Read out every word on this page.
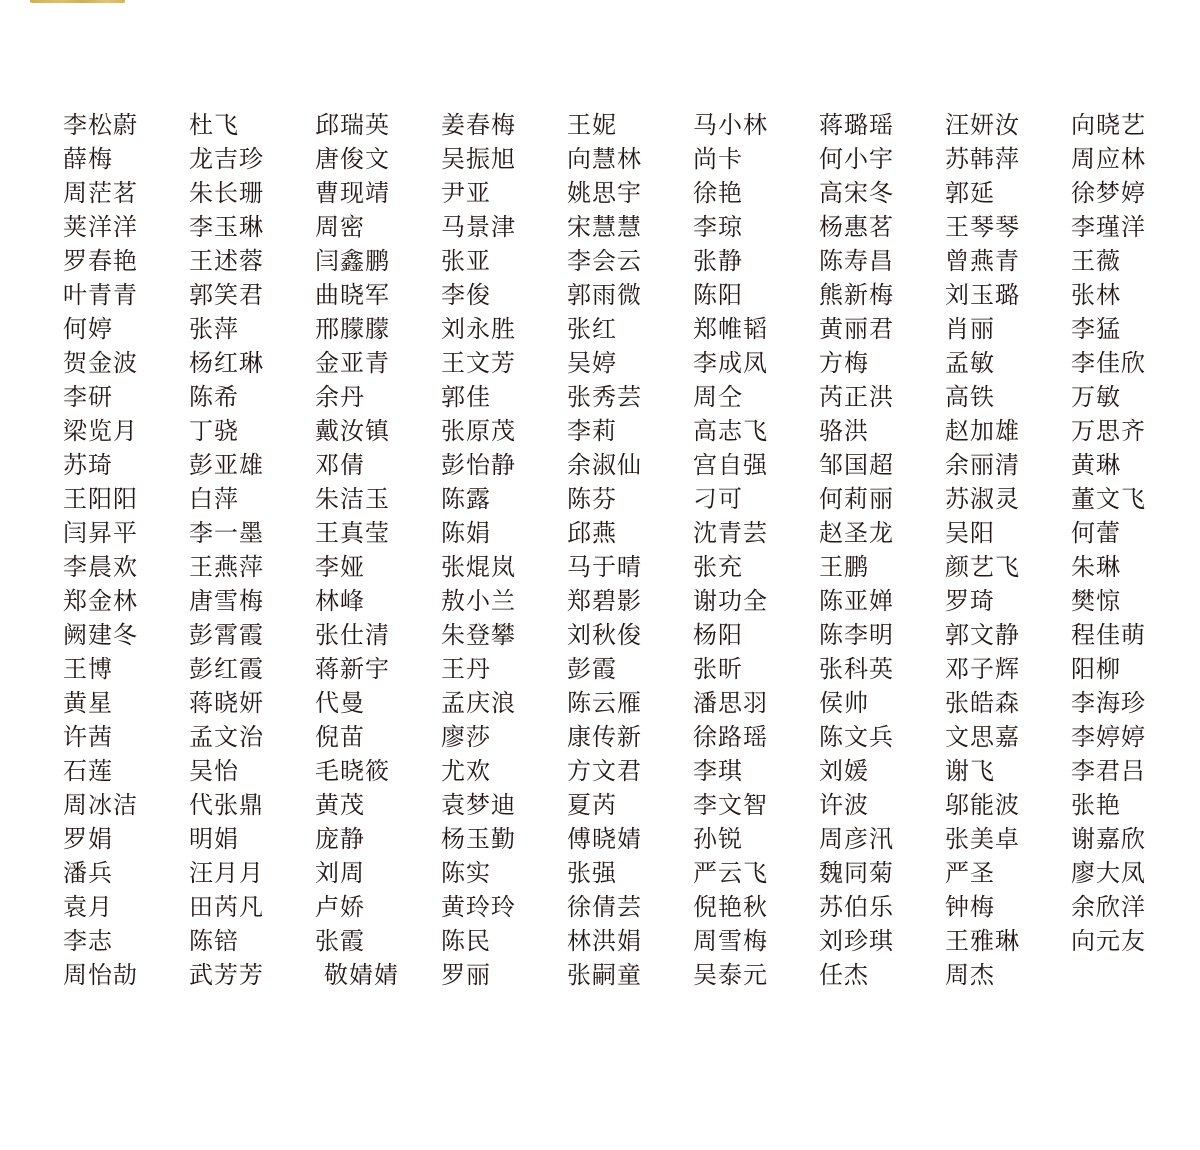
李松蔚	杜飞	邱瑞英	姜春梅	王妮	马小林	蒋璐瑶	汪妍汝	向晓艺
薛梅	龙吉珍	唐俊文	吴振旭	向慧林	尚卡	何小宇	苏韩萍	周应林
周茫茗	朱长珊	曹现靖	尹亚	姚思宇	徐艳	高宋冬	郭延	徐梦婷
荚洋洋	李玉琳	周密	马景津	宋慧慧	李琼	杨惠茗	王琴琴	李瑾洋
罗春艳	王述蓉	闫鑫鹏	张亚	李会云	张静	陈寿昌	曾燕青	王薇
叶青青	郭笑君	曲晓军	李俊	郭雨微	陈阳	熊新梅	刘玉璐	张林
何婷	张萍	邢朦朦	刘永胜	张红	郑帷韬	黄丽君	肖丽	李猛
贺金波	杨红琳	金亚青	王文芳	吴婷	李成凤	方梅	孟敏	李佳欣
李研	陈希	余丹	郭佳	张秀芸	周仝	芮正洪	高铁	万敏
梁览月	丁骁	戴汝镇	张原茂	李莉	高志飞	骆洪	赵加雄	万思齐
苏琦	彭亚雄	邓倩	彭怡静	余淑仙	宫自强	邹国超	余丽清	黄琳
王阳阳	白萍	朱洁玉	陈露	陈芬	刁可	何莉丽	苏淑灵	董文飞
闫昇平	李一墨	王真莹	陈娟	邱燕	沈青芸	赵圣龙	吴阳	何蕾
李晨欢	王燕萍	李娅	张焜岚	马于晴	张充	王鹏	颜艺飞	朱琳
郑金林	唐雪梅	林峰	敖小兰	郑碧影	谢功全	陈亚婵	罗琦	樊惊
阙建冬	彭霄霞	张仕清	朱登攀	刘秋俊	杨阳	陈李明	郭文静	程佳萌
王博	彭红霞	蒋新宇	王丹	彭霞	张昕	张科英	邓子辉	阳柳
黄星	蒋晓妍	代曼	孟庆浪	陈云雁	潘思羽	侯帅	张皓森	李海珍
许茜	孟文治	倪苗	廖莎	康传新	徐路瑶	陈文兵	文思嘉	李婷婷
石莲	吴怡	毛晓筱	尤欢	方文君	李琪	刘媛	谢飞	李君吕
周冰洁	代张鼎	黄茂	袁梦迪	夏芮	李文智	许波	邬能波	张艳
罗娟	明娟	庞静	杨玉勤	傅晓婧	孙锐	周彦汛	张美卓	谢嘉欣
潘兵	汪月月	刘周	陈实	张强	严云飞	魏同菊	严圣	廖大凤
袁月	田芮凡	卢娇	黄玲玲	徐倩芸	倪艳秋	苏伯乐	钟梅	余欣洋
李志	陈锫	张霞	陈民	林洪娟	周雪梅	刘珍琪	王雅琳	向元友
周怡劼	武芳芳	敬婧婧	罗丽	张嗣童	吴泰元	任杰	周杰
